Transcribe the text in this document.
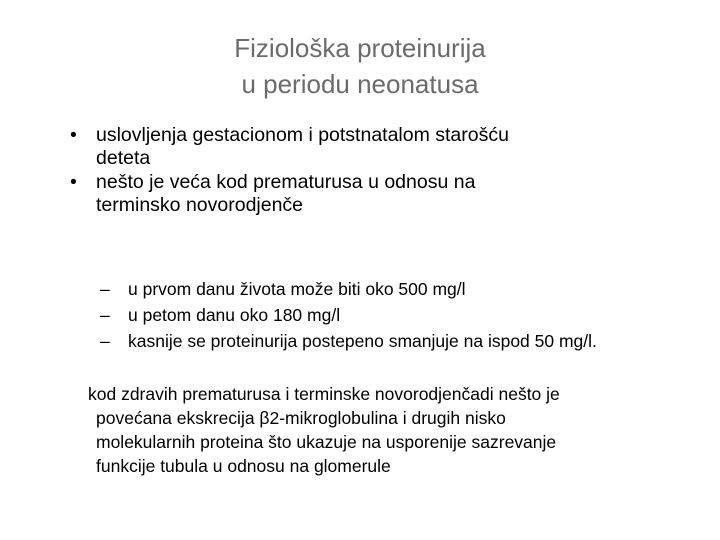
Fiziološka proteinurija
u periodu neonatusa
• uslovljenja gestacionom i potstnatalom starošću
deteta
• nešto je veća kod prematurusa u odnosu na
terminsko novorodjenče
– u prvom danu života može biti oko 500 mg/l
– u petom danu oko 180 mg/l
– kasnije se proteinurija postepeno smanjuje na ispod 50 mg/l.
kod zdravih prematurusa i terminske novorodjenčadi nešto je
povećana ekskrecija β2-mikroglobulina i drugih nisko
molekularnih proteina što ukazuje na usporenije sazrevanje
funkcije tubula u odnosu na glomerule
